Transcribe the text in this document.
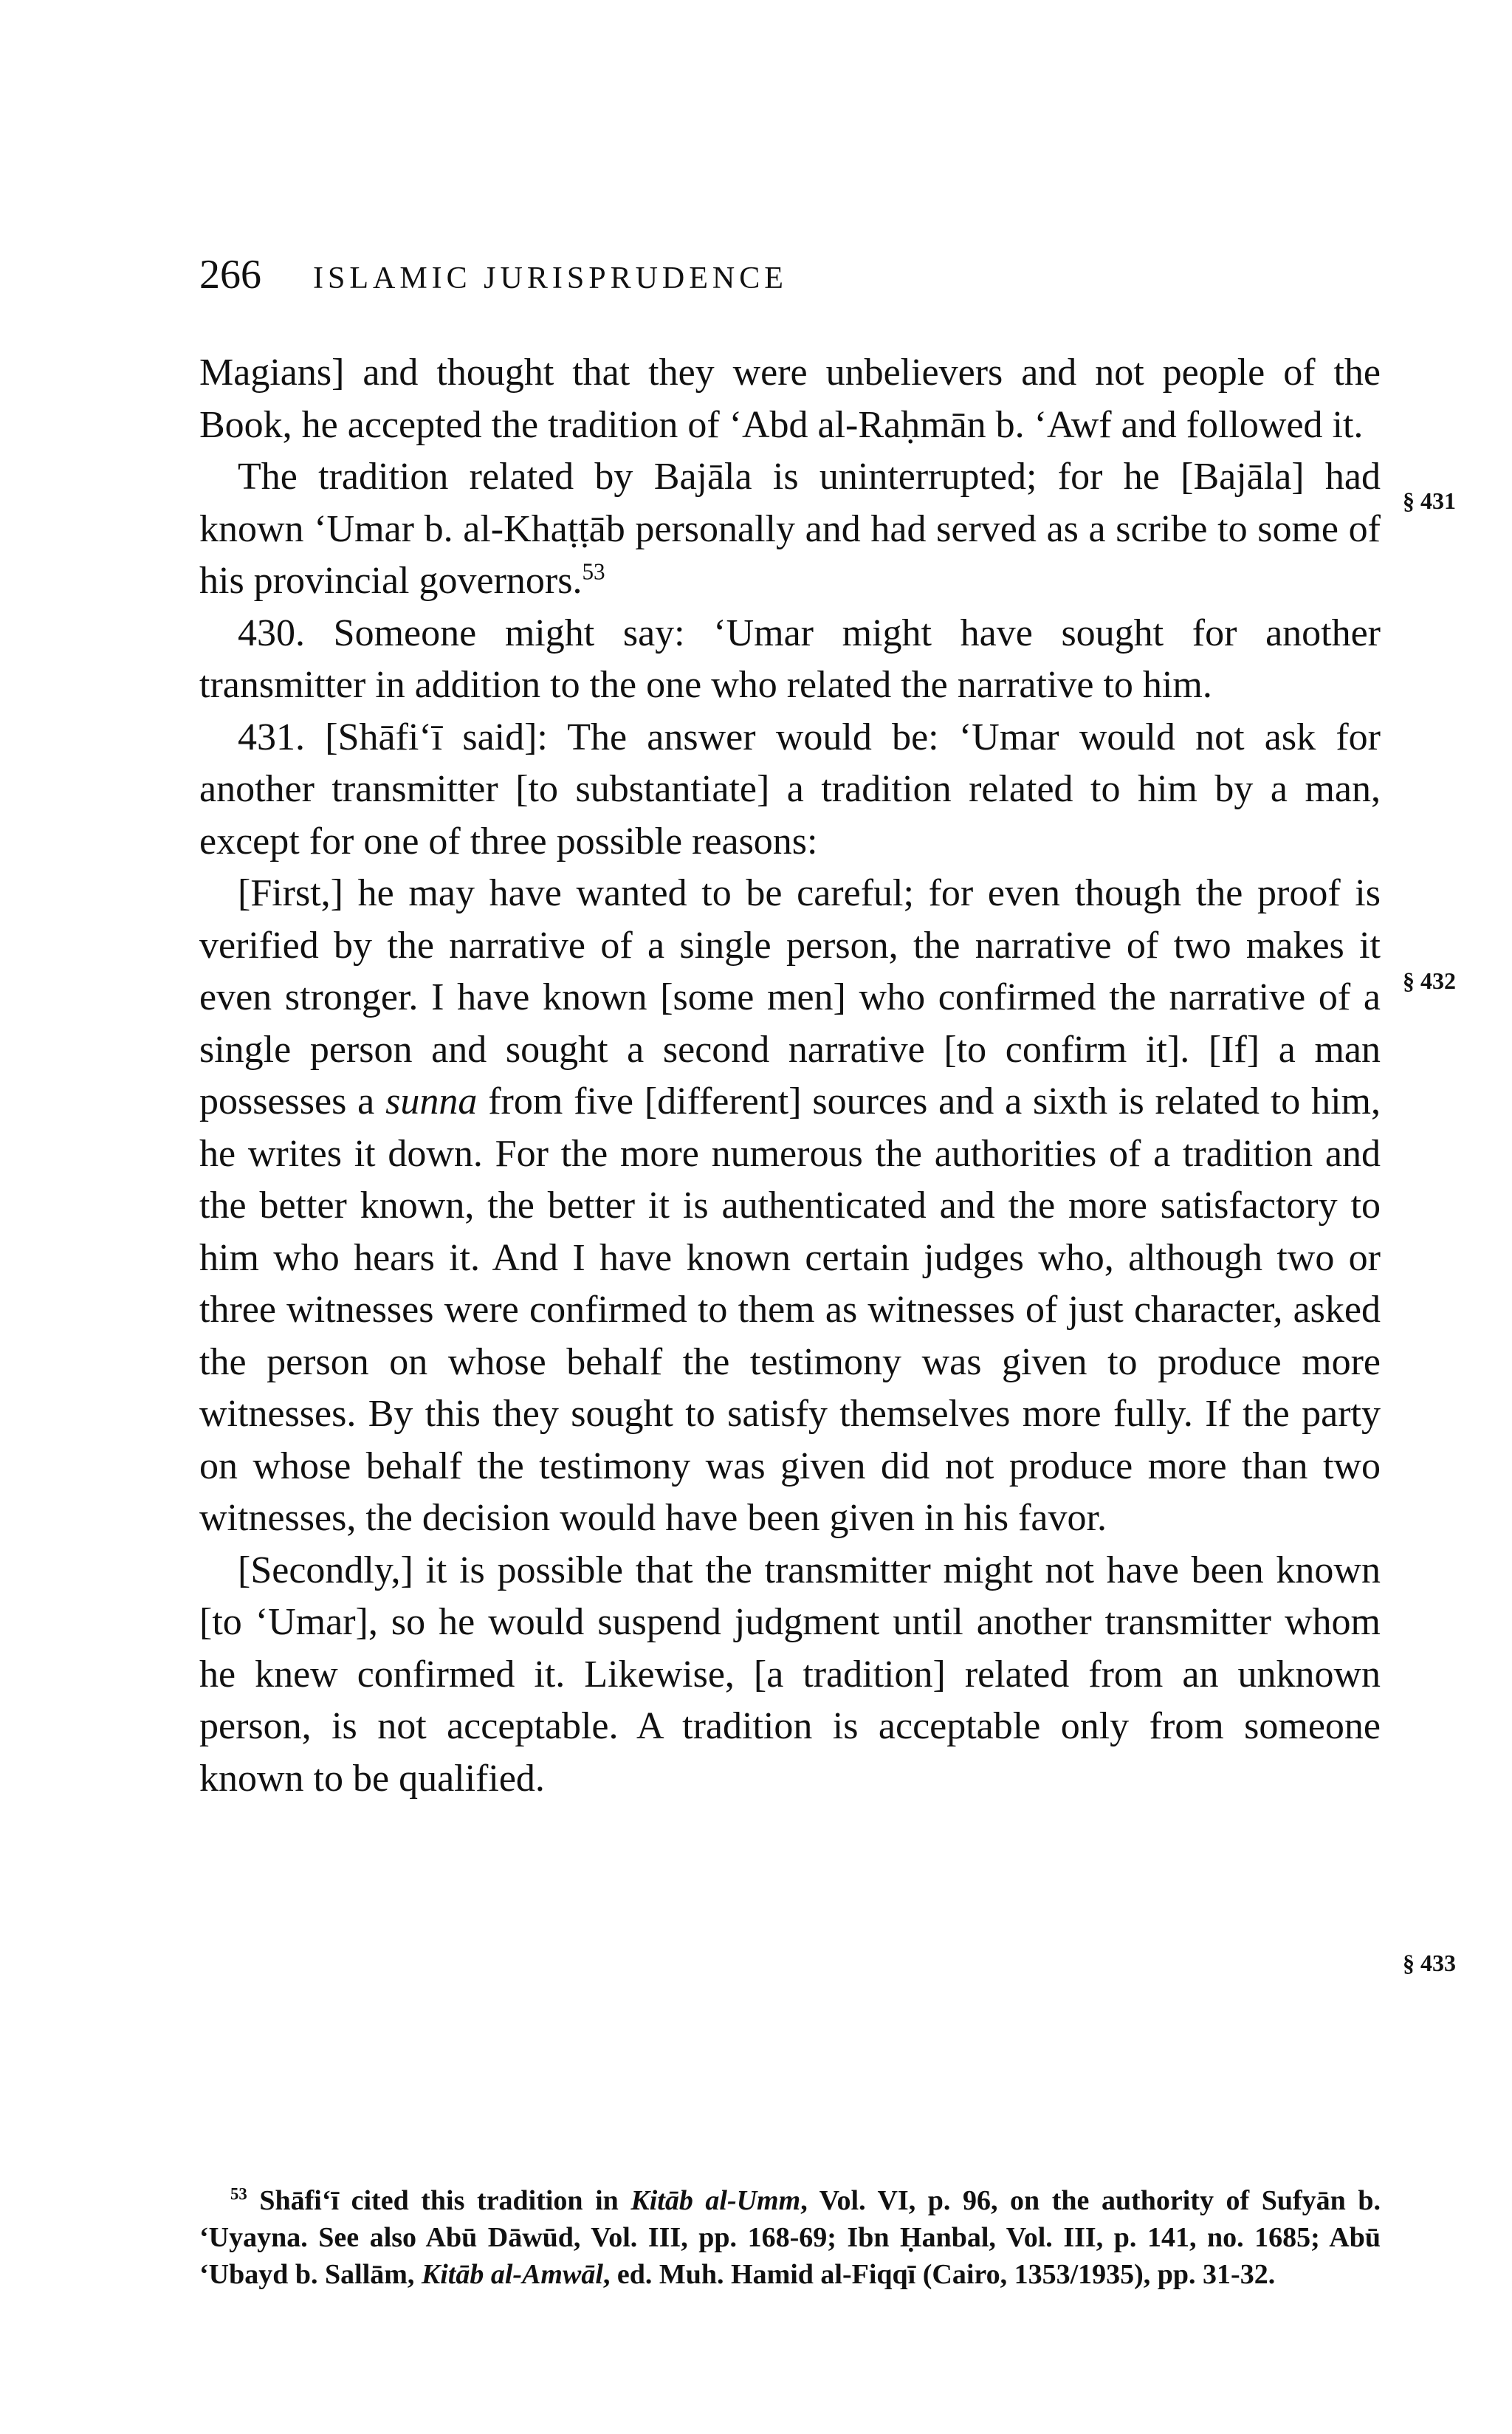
266 ISLAMIC JURISPRUDENCE

Magians] and thought that they were unbelievers and not people of the Book, he accepted the tradition of ‘Abd al-Raḥmān b. ‘Awf and followed it.

The tradition related by Bajāla is uninterrupted; for he [Bajāla] had known ‘Umar b. al-Khaṭṭāb personally and had served as a scribe to some of his provincial governors.$^{53}$

430. Someone might say: ‘Umar might have sought for another transmitter in addition to the one who related the narrative to him.

431. [Shāfi‘ī said]: The answer would be: ‘Umar would not ask for another transmitter [to substantiate] a tradition related to him by a man, except for one of three possible reasons:

[First,] he may have wanted to be careful; for even though the proof is verified by the narrative of a single person, the narrative of two makes it even stronger. I have known [some men] who confirmed the narrative of a single person and sought a second narrative [to confirm it]. [If] a man possesses a sunna from five [different] sources and a sixth is related to him, he writes it down. For the more numerous the authorities of a tradition and the better known, the better it is authenticated and the more satisfactory to him who hears it. And I have known certain judges who, although two or three witnesses were confirmed to them as witnesses of just character, asked the person on whose behalf the testimony was given to produce more witnesses. By this they sought to satisfy themselves more fully. If the party on whose behalf the testimony was given did not produce more than two witnesses, the decision would have been given in his favor.

[Secondly,] it is possible that the transmitter might not have been known [to ‘Umar], so he would suspend judgment until another transmitter whom he knew confirmed it. Likewise, [a tradition] related from an unknown person, is not acceptable. A tradition is acceptable only from someone known to be qualified.

§ 431
§ 432
§ 433
$^{53}$ Shāfi‘ī cited this tradition in Kitāb al-Umm, Vol. VI, p. 96, on the authority of Sufyān b. ‘Uyayna. See also Abū Dāwūd, Vol. III, pp. 168-69; Ibn Ḥanbal, Vol. III, p. 141, no. 1685; Abū ‘Ubayd b. Sallām, Kitāb al-Amwāl, ed. Muh. Hamid al-Fiqqī (Cairo, 1353/1935), pp. 31-32.
